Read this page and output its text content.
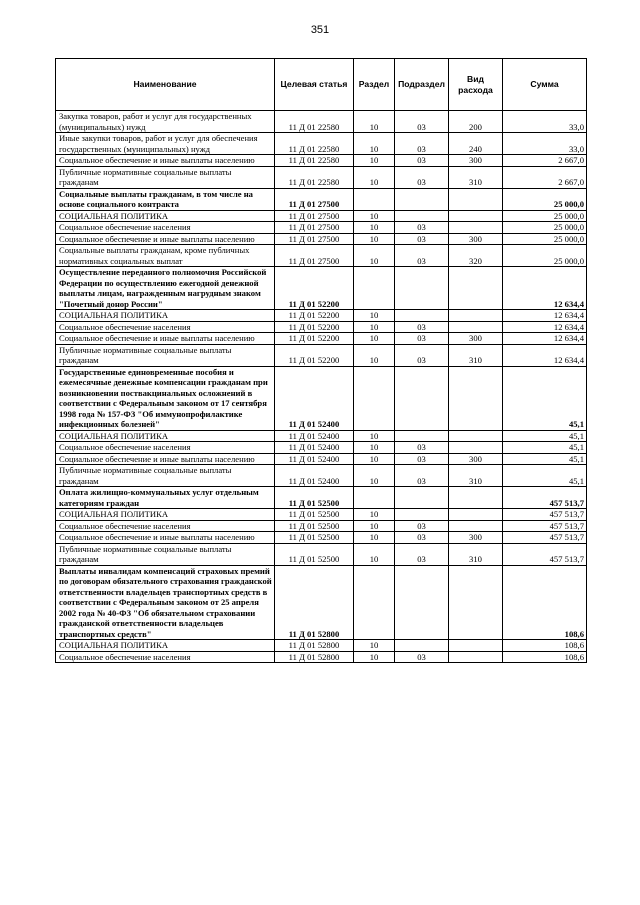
351
Наименование	Целевая статья	Раздел	Подраздел	Вид расхода	Сумма
Закупка товаров, работ и услуг для государственных (муниципальных) нужд	11 Д 01 22580	10	03	200	33,0
Иные закупки товаров, работ и услуг для обеспечения государственных (муниципальных) нужд	11 Д 01 22580	10	03	240	33,0
Социальное обеспечение и иные выплаты населению	11 Д 01 22580	10	03	300	2 667,0
Публичные нормативные социальные выплаты гражданам	11 Д 01 22580	10	03	310	2 667,0
Социальные выплаты гражданам, в том числе на основе социального контракта	11 Д 01 27500				25 000,0
СОЦИАЛЬНАЯ ПОЛИТИКА	11 Д 01 27500	10			25 000,0
Социальное обеспечение населения	11 Д 01 27500	10	03		25 000,0
Социальное обеспечение и иные выплаты населению	11 Д 01 27500	10	03	300	25 000,0
Социальные выплаты гражданам, кроме публичных нормативных социальных выплат	11 Д 01 27500	10	03	320	25 000,0
Осуществление переданного полномочия Российской Федерации по осуществлению ежегодной денежной выплаты лицам, награжденным нагрудным знаком "Почетный донор России"	11 Д 01 52200				12 634,4
СОЦИАЛЬНАЯ ПОЛИТИКА	11 Д 01 52200	10			12 634,4
Социальное обеспечение населения	11 Д 01 52200	10	03		12 634,4
Социальное обеспечение и иные выплаты населению	11 Д 01 52200	10	03	300	12 634,4
Публичные нормативные социальные выплаты гражданам	11 Д 01 52200	10	03	310	12 634,4
Государственные единовременные пособия и ежемесячные денежные компенсации гражданам при возникновении поствакцинальных осложнений в соответствии с Федеральным законом от 17 сентября 1998 года № 157-ФЗ "Об иммунопрофилактике инфекционных болезней"	11 Д 01 52400				45,1
СОЦИАЛЬНАЯ ПОЛИТИКА	11 Д 01 52400	10			45,1
Социальное обеспечение населения	11 Д 01 52400	10	03		45,1
Социальное обеспечение и иные выплаты населению	11 Д 01 52400	10	03	300	45,1
Публичные нормативные социальные выплаты гражданам	11 Д 01 52400	10	03	310	45,1
Оплата жилищно-коммунальных услуг отдельным категориям граждан	11 Д 01 52500				457 513,7
СОЦИАЛЬНАЯ ПОЛИТИКА	11 Д 01 52500	10			457 513,7
Социальное обеспечение населения	11 Д 01 52500	10	03		457 513,7
Социальное обеспечение и иные выплаты населению	11 Д 01 52500	10	03	300	457 513,7
Публичные нормативные социальные выплаты гражданам	11 Д 01 52500	10	03	310	457 513,7
Выплаты инвалидам компенсаций страховых премий по договорам обязательного страхования гражданской ответственности владельцев транспортных средств в соответствии с Федеральным законом от 25 апреля 2002 года № 40-ФЗ "Об обязательном страховании гражданской ответственности владельцев транспортных средств"	11 Д 01 52800				108,6
СОЦИАЛЬНАЯ ПОЛИТИКА	11 Д 01 52800	10			108,6
Социальное обеспечение населения	11 Д 01 52800	10	03		108,6
